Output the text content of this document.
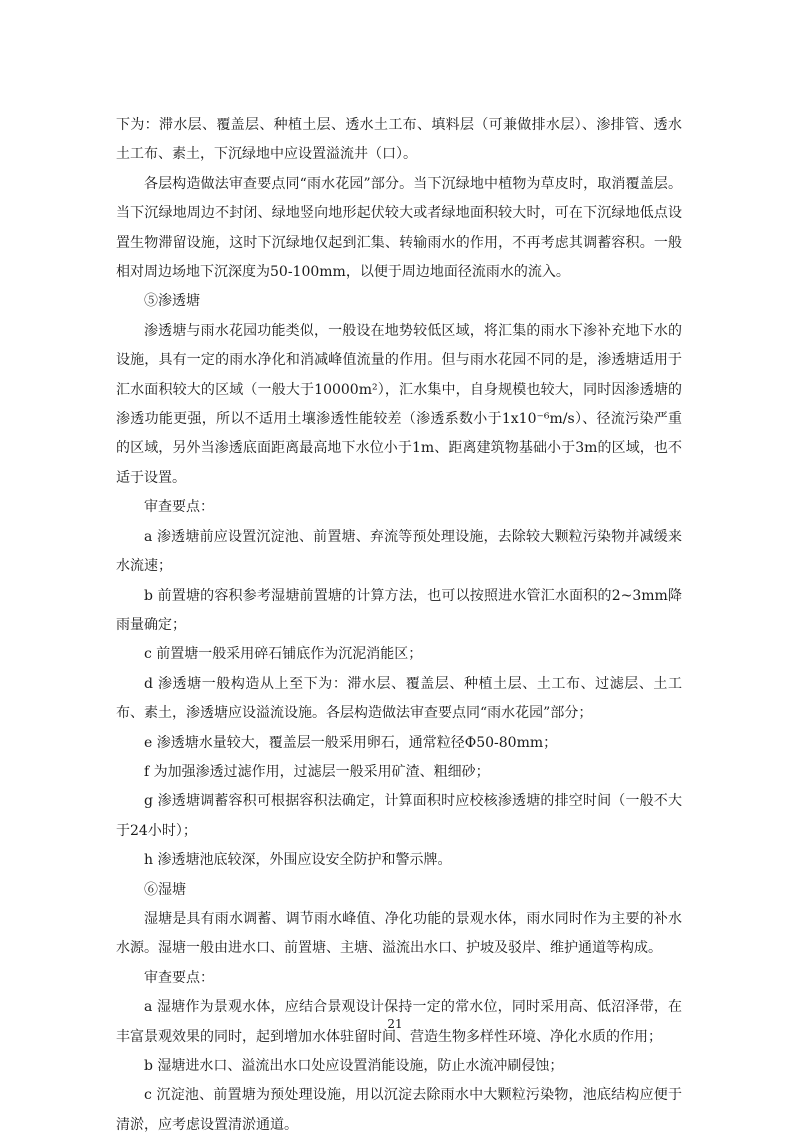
下为：滞水层、覆盖层、种植土层、透水土工布、填料层（可兼做排水层）、渗排管、透水土工布、素土，下沉绿地中应设置溢流井（口）。

各层构造做法审查要点同“雨水花园”部分。当下沉绿地中植物为草皮时，取消覆盖层。当下沉绿地周边不封闭、绿地竖向地形起伏较大或者绿地面积较大时，可在下沉绿地低点设置生物滞留设施，这时下沉绿地仅起到汇集、转输雨水的作用，不再考虑其调蓄容积。一般相对周边场地下沉深度为50-100mm，以便于周边地面径流雨水的流入。

⑤渗透塘

渗透塘与雨水花园功能类似，一般设在地势较低区域，将汇集的雨水下渗补充地下水的设施，具有一定的雨水净化和消减峰值流量的作用。但与雨水花园不同的是，渗透塘适用于汇水面积较大的区域（一般大于10000m²），汇水集中，自身规模也较大，同时因渗透塘的渗透功能更强，所以不适用土壤渗透性能较差（渗透系数小于1x10⁻⁶m/s）、径流污染严重的区域，另外当渗透底面距离最高地下水位小于1m、距离建筑物基础小于3m的区域，也不适于设置。

审查要点：

a 渗透塘前应设置沉淀池、前置塘、弃流等预处理设施，去除较大颗粒污染物并减缓来水流速；

b 前置塘的容积参考湿塘前置塘的计算方法，也可以按照进水管汇水面积的2~3mm降雨量确定；

c 前置塘一般采用碎石铺底作为沉泥消能区；

d 渗透塘一般构造从上至下为：滞水层、覆盖层、种植土层、土工布、过滤层、土工布、素土，渗透塘应设溢流设施。各层构造做法审查要点同“雨水花园”部分；

e 渗透塘水量较大，覆盖层一般采用卵石，通常粒径Φ50-80mm；

f 为加强渗透过滤作用，过滤层一般采用矿渣、粗细砂；

g 渗透塘调蓄容积可根据容积法确定，计算面积时应校核渗透塘的排空时间（一般不大于24小时）；

h 渗透塘池底较深，外围应设安全防护和警示牌。

⑥湿塘

湿塘是具有雨水调蓄、调节雨水峰值、净化功能的景观水体，雨水同时作为主要的补水水源。湿塘一般由进水口、前置塘、主塘、溢流出水口、护坡及驳岸、维护通道等构成。

审查要点：

a 湿塘作为景观水体，应结合景观设计保持一定的常水位，同时采用高、低沼泽带，在丰富景观效果的同时，起到增加水体驻留时间、营造生物多样性环境、净化水质的作用；

b 湿塘进水口、溢流出水口处应设置消能设施，防止水流冲刷侵蚀；

c 沉淀池、前置塘为预处理设施，用以沉淀去除雨水中大颗粒污染物，池底结构应便于清淤，应考虑设置清淤通道。

21
